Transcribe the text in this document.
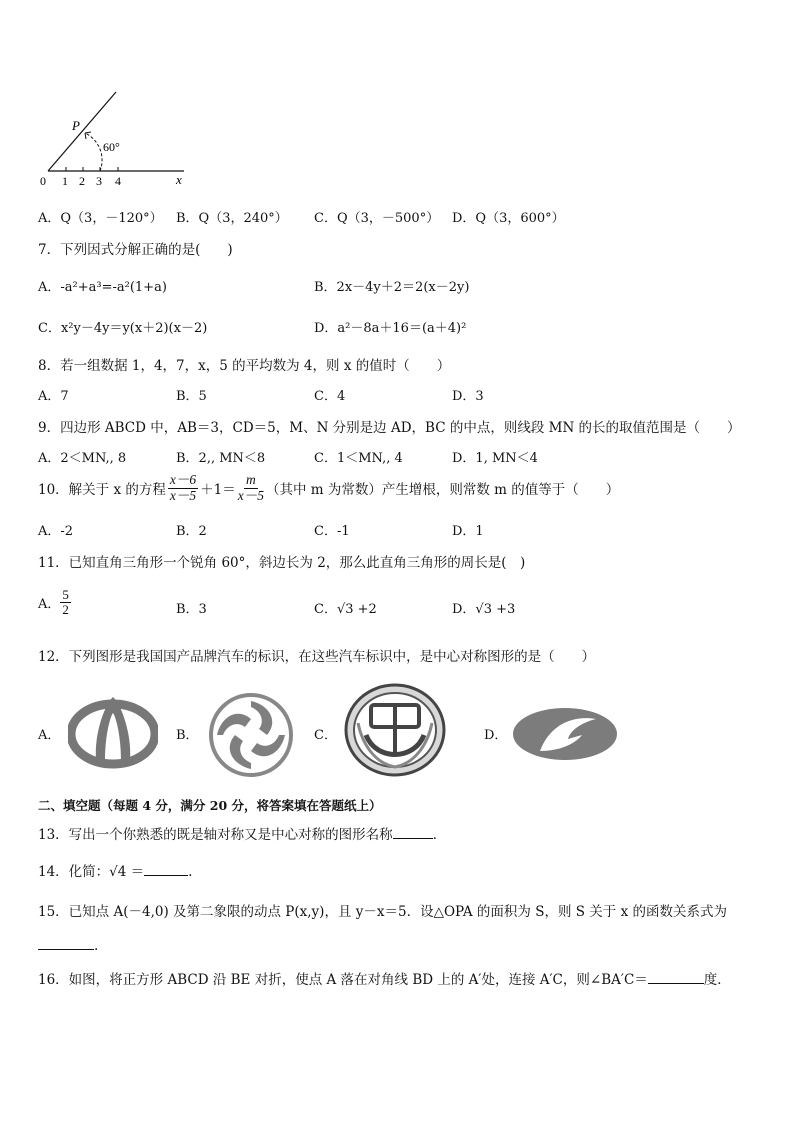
P
60°
0 1 2 3 4	x
A．Q（3，－120°） B．Q（3，240°） C．Q（3，－500°） D．Q（3，600°）
7．下列因式分解正确的是(　　)
A．-a²+a³=-a²(1+a)	B．2x－4y＋2＝2(x－2y)
C．x²y－4y＝y(x＋2)(x－2)	D．a²－8a＋16＝(a＋4)²
8．若一组数据 1，4，7，x，5 的平均数为 4，则 x 的值时（　　）
A．7	B．5	C．4	D．3
9．四边形 ABCD 中，AB＝3，CD＝5，M、N 分别是边 AD，BC 的中点，则线段 MN 的长的取值范围是（　　）
A．2＜MN,, 8	B．2,, MN＜8	C．1＜MN,, 4	D．1, MN＜4
10．解关于 x 的方程 $\frac{x-6}{x-5} +1= \frac{m}{x-5}$ （其中 m 为常数）产生增根，则常数 m 的值等于（　　）
A．-2	B．2	C．-1	D．1
11．已知直角三角形一个锐角 60°，斜边长为 2，那么此直角三角形的周长是(　)
A． $\frac{5}{2}$	B．3	C．√3 +2	D．√3 +3
12．下列图形是我国国产品牌汽车的标识，在这些汽车标识中，是中心对称图形的是（　　）
A．	B．	C．	D．
二、填空题（每题 4 分，满分 20 分，将答案填在答题纸上）
13．写出一个你熟悉的既是轴对称又是中心对称的图形名称	．
14．化简：√4 ＝	.
15．已知点 A(－4,0) 及第二象限的动点 P(x,y)，且 y－x＝5．设△OPA 的面积为 S，则 S 关于 x 的函数关系式为
.
16．如图，将正方形 ABCD 沿 BE 对折，使点 A 落在对角线 BD 上的 A′处，连接 A′C，则∠BA′C＝	度．
